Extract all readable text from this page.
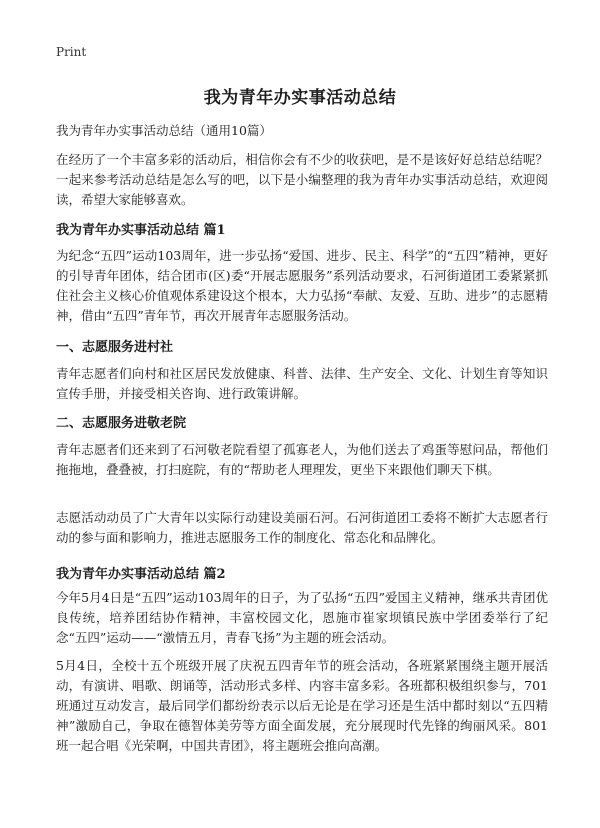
Print
我为青年办实事活动总结
我为青年办实事活动总结（通用10篇）
在经历了一个丰富多彩的活动后，相信你会有不少的收获吧，是不是该好好总结总结呢？一起来参考活动总结是怎么写的吧，以下是小编整理的我为青年办实事活动总结，欢迎阅读，希望大家能够喜欢。
我为青年办实事活动总结 篇1
为纪念“五四”运动103周年，进一步弘扬“爱国、进步、民主、科学”的“五四”精神，更好的引导青年团体，结合团市(区)委“开展志愿服务”系列活动要求，石河街道团工委紧紧抓住社会主义核心价值观体系建设这个根本，大力弘扬“奉献、友爱、互助、进步”的志愿精神，借由“五四”青年节，再次开展青年志愿服务活动。
一、志愿服务进村社
青年志愿者们向村和社区居民发放健康、科普、法律、生产安全、文化、计划生育等知识宣传手册，并接受相关咨询、进行政策讲解。
二、志愿服务进敬老院
青年志愿者们还来到了石河敬老院看望了孤寡老人，为他们送去了鸡蛋等慰问品，帮他们拖拖地，叠叠被，打扫庭院，有的“帮助老人理理发，更坐下来跟他们聊天下棋。
志愿活动动员了广大青年以实际行动建设美丽石河。石河街道团工委将不断扩大志愿者行动的参与面和影响力，推进志愿服务工作的制度化、常态化和品牌化。
我为青年办实事活动总结 篇2
今年5月4日是“五四”运动103周年的日子，为了弘扬“五四”爱国主义精神，继承共青团优良传统，培养团结协作精神，丰富校园文化，恩施市崔家坝镇民族中学团委举行了纪念“五四”运动——“激情五月，青春飞扬”为主题的班会活动。
5月4日，全校十五个班级开展了庆祝五四青年节的班会活动，各班紧紧围绕主题开展活动，有演讲、唱歌、朗诵等，活动形式多样、内容丰富多彩。各班都积极组织参与，701班通过互动发言，最后同学们都纷纷表示以后无论是在学习还是生活中都时刻以“五四精神”激励自己，争取在德智体美劳等方面全面发展，充分展现时代先锋的绚丽风采。801班一起合唱《光荣啊，中国共青团》，将主题班会推向高潮。
